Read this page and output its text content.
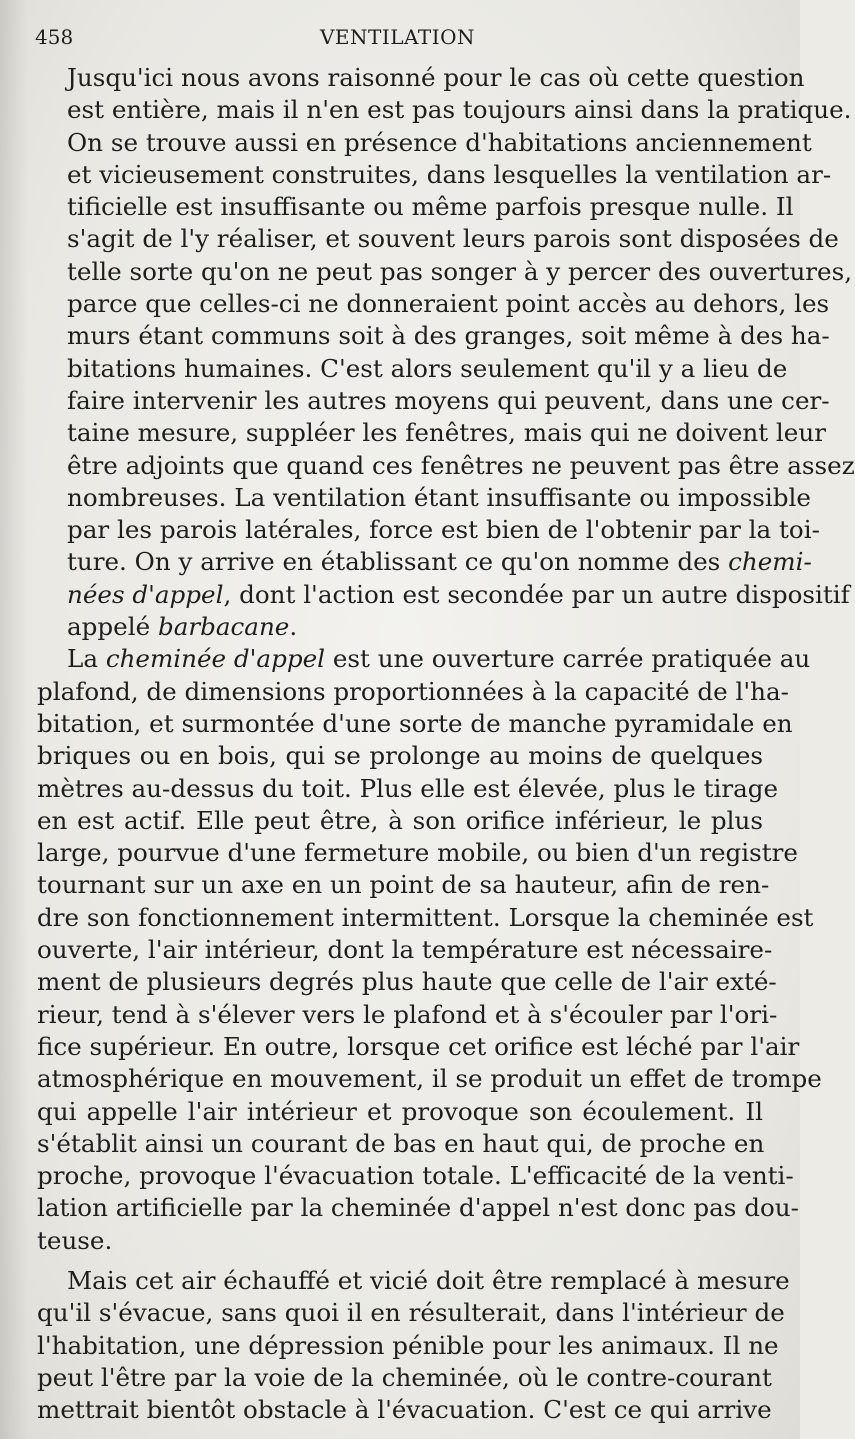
458	VENTILATION
Jusqu'ici nous avons raisonné pour le cas où cette question
est entière, mais il n'en est pas toujours ainsi dans la pratique.
On se trouve aussi en présence d'habitations anciennement
et vicieusement construites, dans lesquelles la ventilation ar-
tificielle est insuffisante ou même parfois presque nulle. Il
s'agit de l'y réaliser, et souvent leurs parois sont disposées de
telle sorte qu'on ne peut pas songer à y percer des ouvertures,
parce que celles-ci ne donneraient point accès au dehors, les
murs étant communs soit à des granges, soit même à des ha-
bitations humaines. C'est alors seulement qu'il y a lieu de
faire intervenir les autres moyens qui peuvent, dans une cer-
taine mesure, suppléer les fenêtres, mais qui ne doivent leur
être adjoints que quand ces fenêtres ne peuvent pas être assez
nombreuses. La ventilation étant insuffisante ou impossible
par les parois latérales, force est bien de l'obtenir par la toi-
ture. On y arrive en établissant ce qu'on nomme des chemi-
nées d'appel, dont l'action est secondée par un autre dispositif
appelé barbacane.
La cheminée d'appel est une ouverture carrée pratiquée au
plafond, de dimensions proportionnées à la capacité de l'ha-
bitation, et surmontée d'une sorte de manche pyramidale en
briques ou en bois, qui se prolonge au moins de quelques
mètres au-dessus du toit. Plus elle est élevée, plus le tirage
en est actif. Elle peut être, à son orifice inférieur, le plus
large, pourvue d'une fermeture mobile, ou bien d'un registre
tournant sur un axe en un point de sa hauteur, afin de ren-
dre son fonctionnement intermittent. Lorsque la cheminée est
ouverte, l'air intérieur, dont la température est nécessaire-
ment de plusieurs degrés plus haute que celle de l'air exté-
rieur, tend à s'élever vers le plafond et à s'écouler par l'ori-
fice supérieur. En outre, lorsque cet orifice est léché par l'air
atmosphérique en mouvement, il se produit un effet de trompe
qui appelle l'air intérieur et provoque son écoulement. Il
s'établit ainsi un courant de bas en haut qui, de proche en
proche, provoque l'évacuation totale. L'efficacité de la venti-
lation artificielle par la cheminée d'appel n'est donc pas dou-
teuse.
Mais cet air échauffé et vicié doit être remplacé à mesure
qu'il s'évacue, sans quoi il en résulterait, dans l'intérieur de
l'habitation, une dépression pénible pour les animaux. Il ne
peut l'être par la voie de la cheminée, où le contre-courant
mettrait bientôt obstacle à l'évacuation. C'est ce qui arrive
